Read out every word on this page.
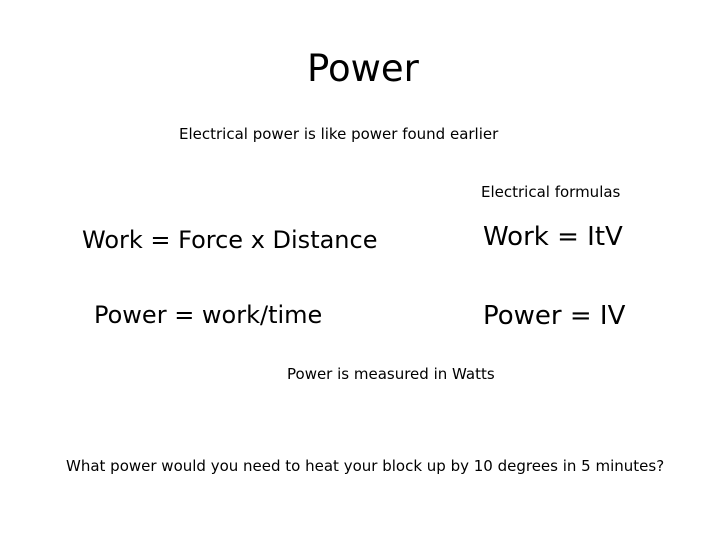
Power
Electrical power is like power found earlier
Electrical formulas
Work = Force x Distance	Work = ItV
Power = work/time	Power = IV
Power is measured in Watts
What power would you need to heat your block up by 10 degrees in 5 minutes?
